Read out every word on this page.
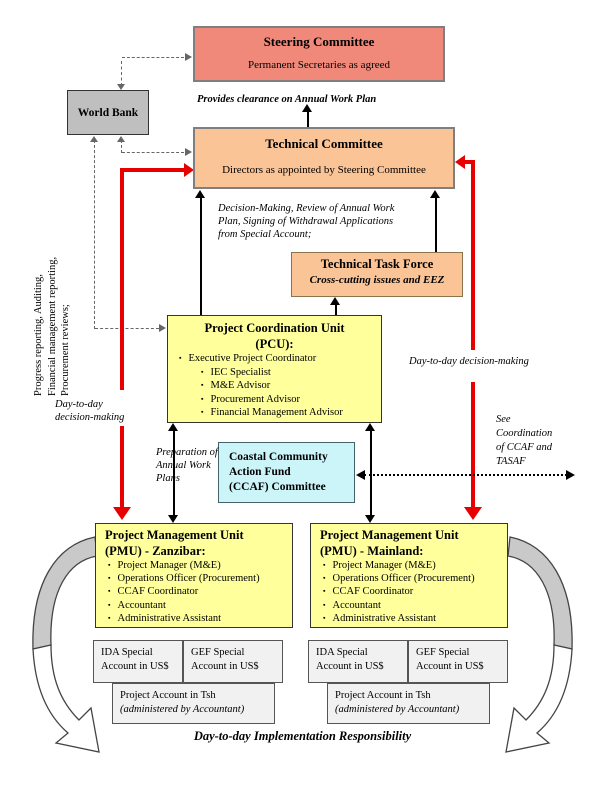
Steering Committee
Permanent Secretaries as agreed
World Bank
Technical Committee
Directors as appointed by Steering Committee
Technical Task Force
Cross-cutting issues and EEZ
Project Coordination Unit
(PCU):
▪ Executive Project Coordinator
▪ IEC Specialist
▪ M&E Advisor
▪ Procurement Advisor
▪ Financial Management Advisor
Coastal Community
Action Fund
(CCAF) Committee
Project Management Unit
(PMU) - Zanzibar:
▪ Project Manager (M&E)
▪ Operations Officer (Procurement)
▪ CCAF Coordinator
▪ Accountant
▪ Administrative Assistant
Project Management Unit
(PMU) - Mainland:
▪ Project Manager (M&E)
▪ Operations Officer (Procurement)
▪ CCAF Coordinator
▪ Accountant
▪ Administrative Assistant
IDA Special
Account in US$
GEF Special
Account in US$
Project Account in Tsh
(administered by Accountant)
IDA Special
Account in US$
GEF Special
Account in US$
Project Account in Tsh
(administered by Accountant)
Provides clearance on Annual Work Plan
Decision-Making, Review of Annual Work
Plan, Signing of Withdrawal Applications
from Special Account;
Progress reporting, Auditing, Financial management reporting, Procurement reviews;
Day-to-day
decision-making
Day-to-day decision-making
Preparation of
Annual Work
Plans
See
Coordination
of CCAF and
TASAF
Day-to-day Implementation Responsibility
